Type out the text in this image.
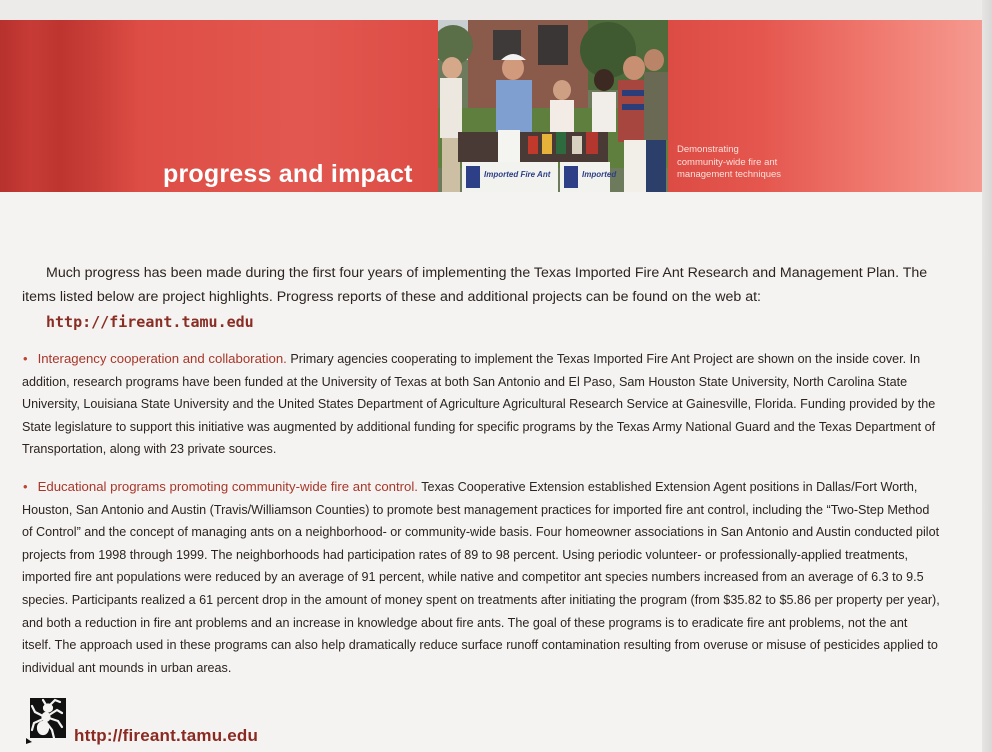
progress and impact	Imported Fire Ant	Imported
Demonstrating
community-wide fire ant
management techniques

Much progress has been made during the first four years of implementing the Texas Imported Fire Ant Research and Management Plan. The items listed below are project highlights. Progress reports of these and additional projects can be found on the web at:
http://fireant.tamu.edu

• Interagency cooperation and collaboration. Primary agencies cooperating to implement the Texas Imported Fire Ant Project are shown on the inside cover. In addition, research programs have been funded at the University of Texas at both San Antonio and El Paso, Sam Houston State University, North Carolina State University, Louisiana State University and the United States Department of Agriculture Agricultural Research Service at Gainesville, Florida. Funding provided by the State legislature to support this initiative was augmented by additional funding for specific programs by the Texas Army National Guard and the Texas Department of Transportation, along with 23 private sources.
• Educational programs promoting community-wide fire ant control. Texas Cooperative Extension established Extension Agent positions in Dallas/Fort Worth, Houston, San Antonio and Austin (Travis/Williamson Counties) to promote best management practices for imported fire ant control, including the “Two-Step Method of Control” and the concept of managing ants on a neighborhood- or community-wide basis. Four homeowner associations in San Antonio and Austin conducted pilot projects from 1998 through 1999. The neighborhoods had participation rates of 89 to 98 percent. Using periodic volunteer- or professionally-applied treatments, imported fire ant populations were reduced by an average of 91 percent, while native and competitor ant species numbers increased from an average of 6.3 to 9.5 species. Participants realized a 61 percent drop in the amount of money spent on treatments after initiating the program (from $35.82 to $5.86 per property per year), and both a reduction in fire ant problems and an increase in knowledge about fire ants. The goal of these programs is to eradicate fire ant problems, not the ant itself. The approach used in these programs can also help dramatically reduce surface runoff contamination resulting from overuse or misuse of pesticides applied to individual ant mounds in urban areas.
http://fireant.tamu.edu
